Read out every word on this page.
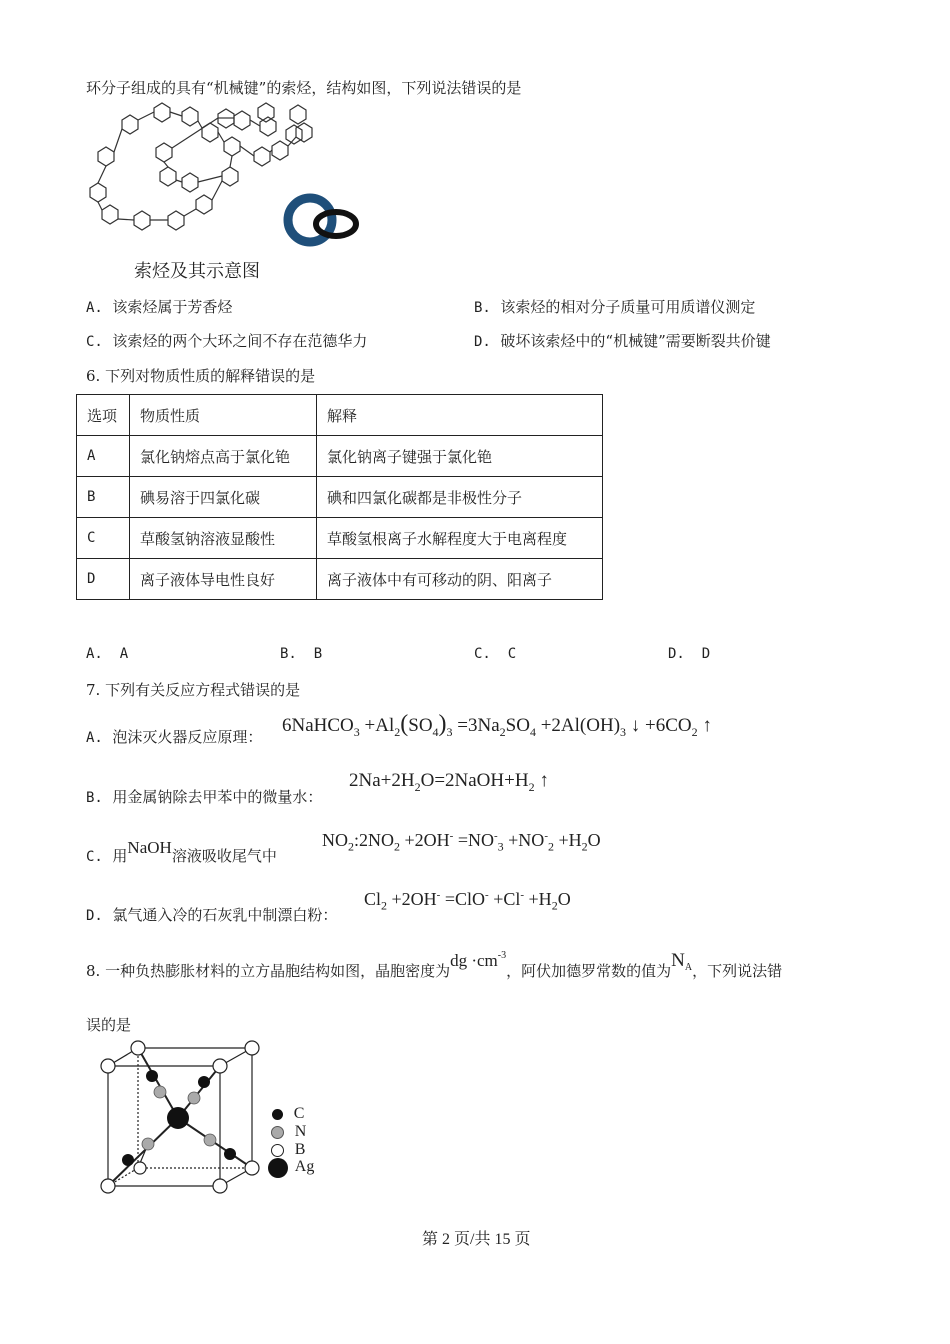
环分子组成的具有“机械键”的索烃，结构如图，下列说法错误的是
索烃及其示意图
A. 该索烃属于芳香烃	B. 该索烃的相对分子质量可用质谱仪测定
C. 该索烃的两个大环之间不存在范德华力	D. 破坏该索烃中的“机械键”需要断裂共价键
6. 下列对物质性质的解释错误的是
选项	物质性质	解释
A	氯化钠熔点高于氯化铯	氯化钠离子键强于氯化铯
B	碘易溶于四氯化碳	碘和四氯化碳都是非极性分子
C	草酸氢钠溶液显酸性	草酸氢根离子水解程度大于电离程度
D	离子液体导电性良好	离子液体中有可移动的阴、阳离子
A. A	B. B	C. C	D. D
7. 下列有关反应方程式错误的是
A. 泡沫灭火器反应原理：
6NaHCO$_3$ $+Al_2(SO_4)_3 =3Na_2SO_4 +2Al(OH)_3$ ↓ $+6CO_2$ ↑
B. 用金属钠除去甲苯中的微量水：
$2Na+2H_2O=2NaOH+H_2$ ↑
C. 用NaOH溶液吸收尾气中
$NO_2:2NO_2 +2OH^- =NO^-_3 +NO^-_2 +H_2O$
D. 氯气通入冷的石灰乳中制漂白粉：
$Cl_2 +2OH^- =ClO^- +Cl^- +H_2O$
8. 一种负热膨胀材料的立方晶胞结构如图，晶胞密度为dg $\cdot cm^{-3}$，阿伏加德罗常数的值为$N^A$，下列说法错
误的是
C
N
B
Ag
第 2 页/共 15 页
